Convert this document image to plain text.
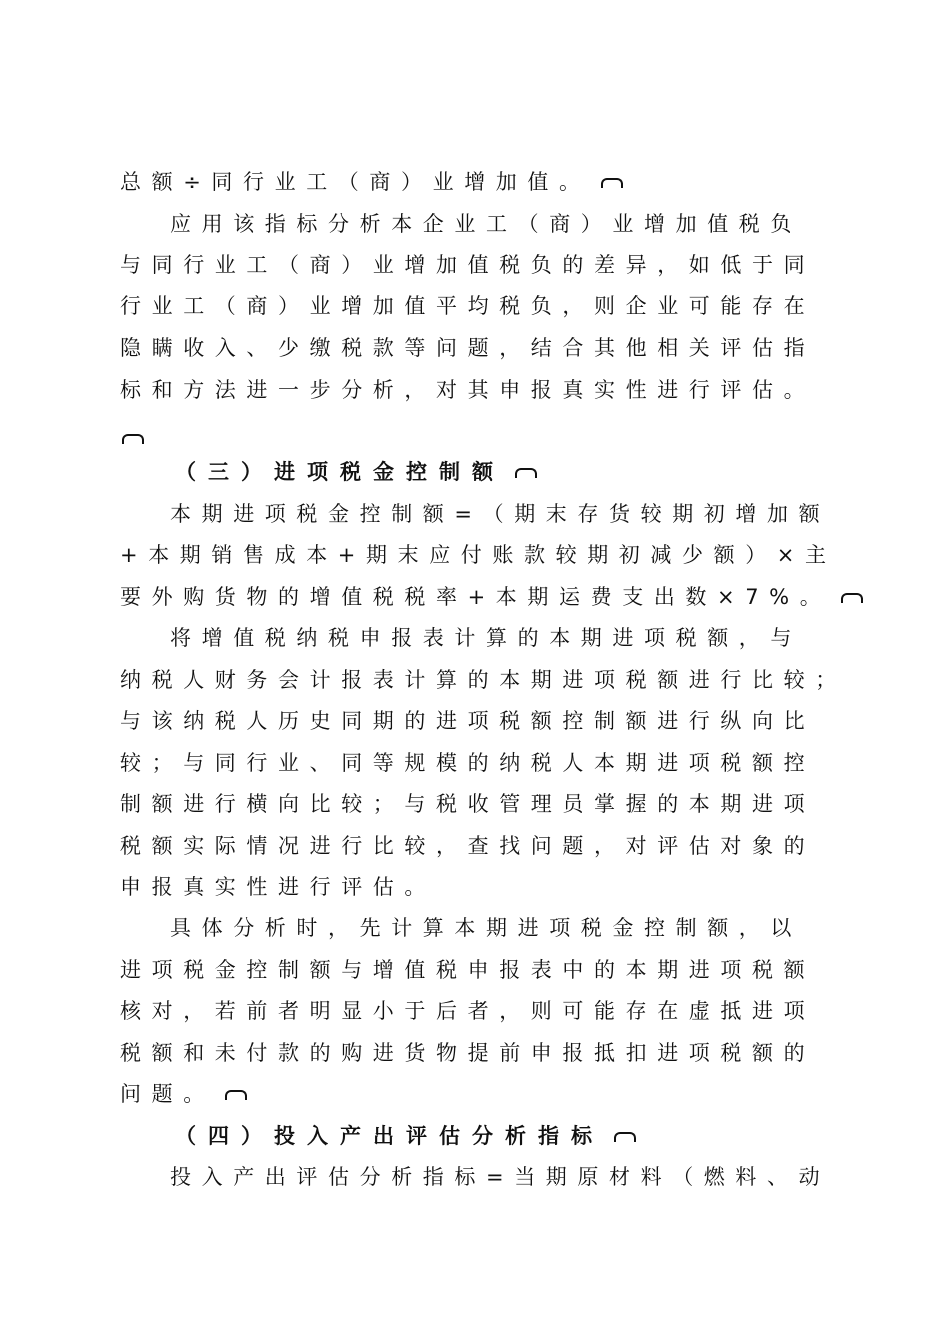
总额÷同行业工（商）业增加值。
应用该指标分析本企业工（商）业增加值税负
与同行业工（商）业增加值税负的差异，如低于同
行业工（商）业增加值平均税负，则企业可能存在
隐瞒收入、少缴税款等问题，结合其他相关评估指
标和方法进一步分析，对其申报真实性进行评估。
（三）进项税金控制额
本期进项税金控制额=（期末存货较期初增加额
+本期销售成本+期末应付账款较期初减少额）×主
要外购货物的增值税税率+本期运费支出数×7%。
将增值税纳税申报表计算的本期进项税额，与
纳税人财务会计报表计算的本期进项税额进行比较；
与该纳税人历史同期的进项税额控制额进行纵向比
较；与同行业、同等规模的纳税人本期进项税额控
制额进行横向比较；与税收管理员掌握的本期进项
税额实际情况进行比较，查找问题，对评估对象的
申报真实性进行评估。
具体分析时，先计算本期进项税金控制额，以
进项税金控制额与增值税申报表中的本期进项税额
核对，若前者明显小于后者，则可能存在虚抵进项
税额和未付款的购进货物提前申报抵扣进项税额的
问题。
（四）投入产出评估分析指标
投入产出评估分析指标=当期原材料（燃料、动
